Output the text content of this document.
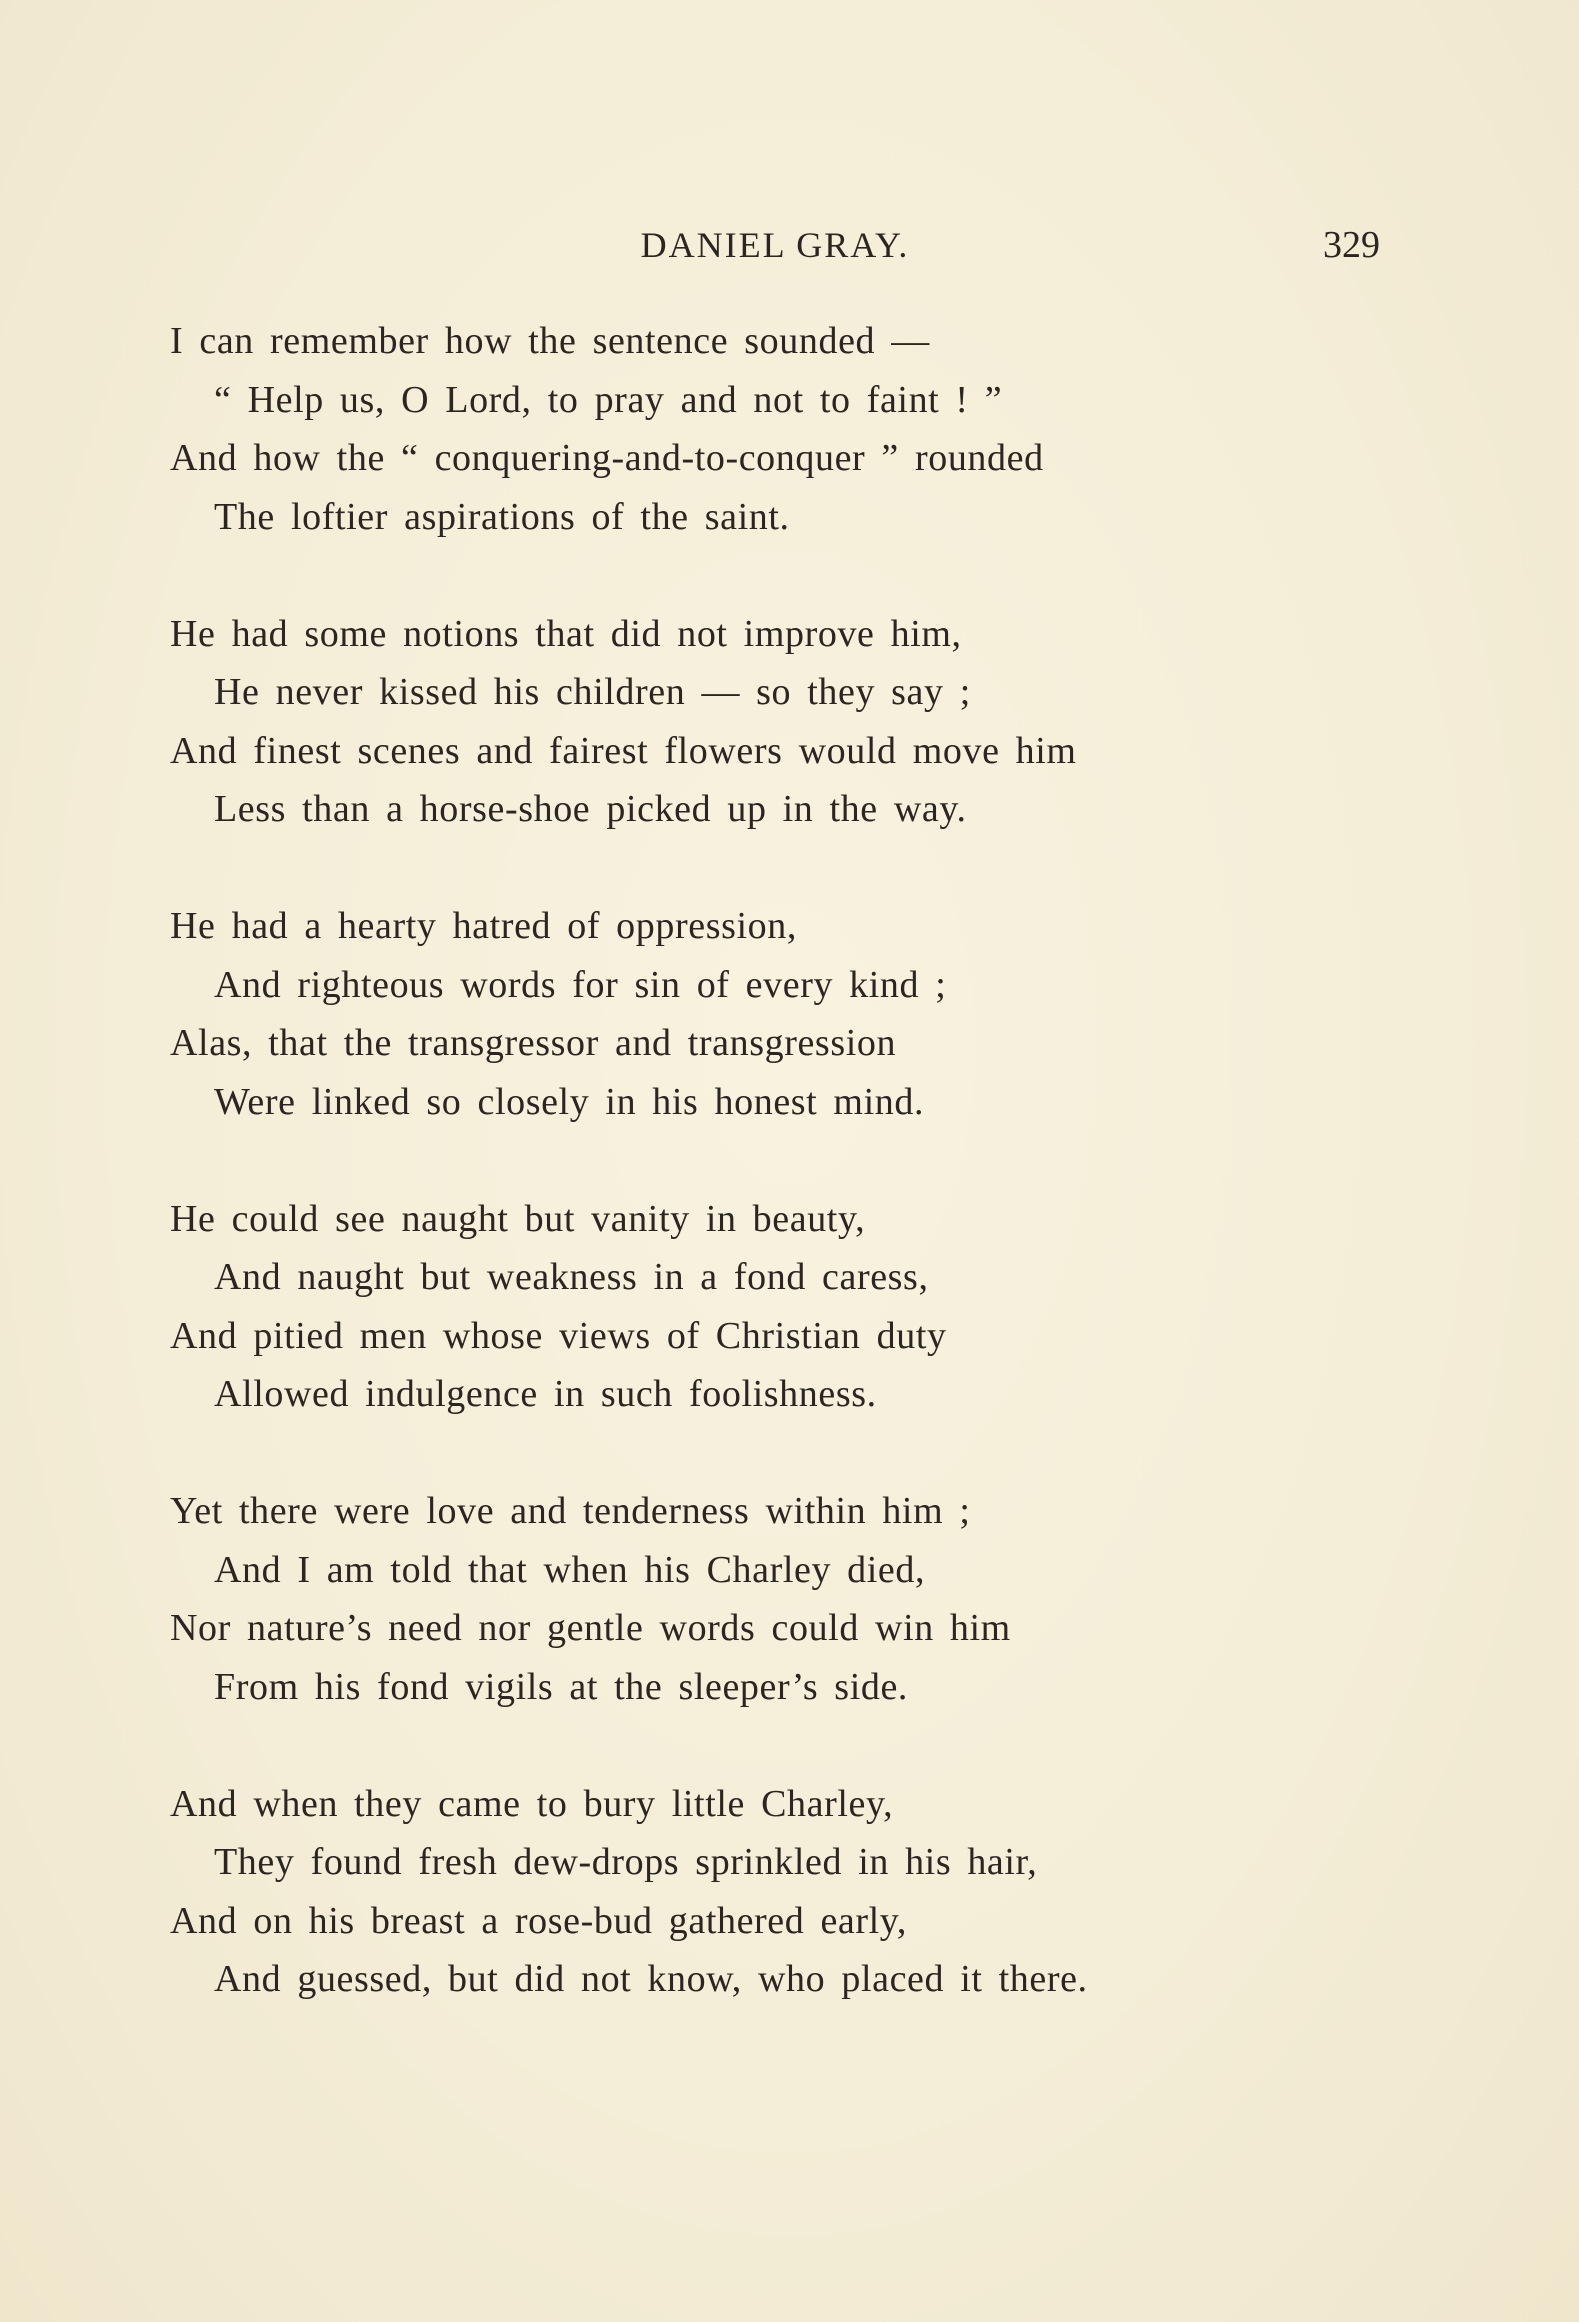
DANIEL GRAY.	329
I can remember how the sentence sounded —
“ Help us, O Lord, to pray and not to faint ! ”
And how the “ conquering-and-to-conquer ” rounded
The loftier aspirations of the saint.
He had some notions that did not improve him,
He never kissed his children — so they say ;
And finest scenes and fairest flowers would move him
Less than a horse-shoe picked up in the way.
He had a hearty hatred of oppression,
And righteous words for sin of every kind ;
Alas, that the transgressor and transgression
Were linked so closely in his honest mind.
He could see naught but vanity in beauty,
And naught but weakness in a fond caress,
And pitied men whose views of Christian duty
Allowed indulgence in such foolishness.
Yet there were love and tenderness within him ;
And I am told that when his Charley died,
Nor nature’s need nor gentle words could win him
From his fond vigils at the sleeper’s side.
And when they came to bury little Charley,
They found fresh dew-drops sprinkled in his hair,
And on his breast a rose-bud gathered early,
And guessed, but did not know, who placed it there.
